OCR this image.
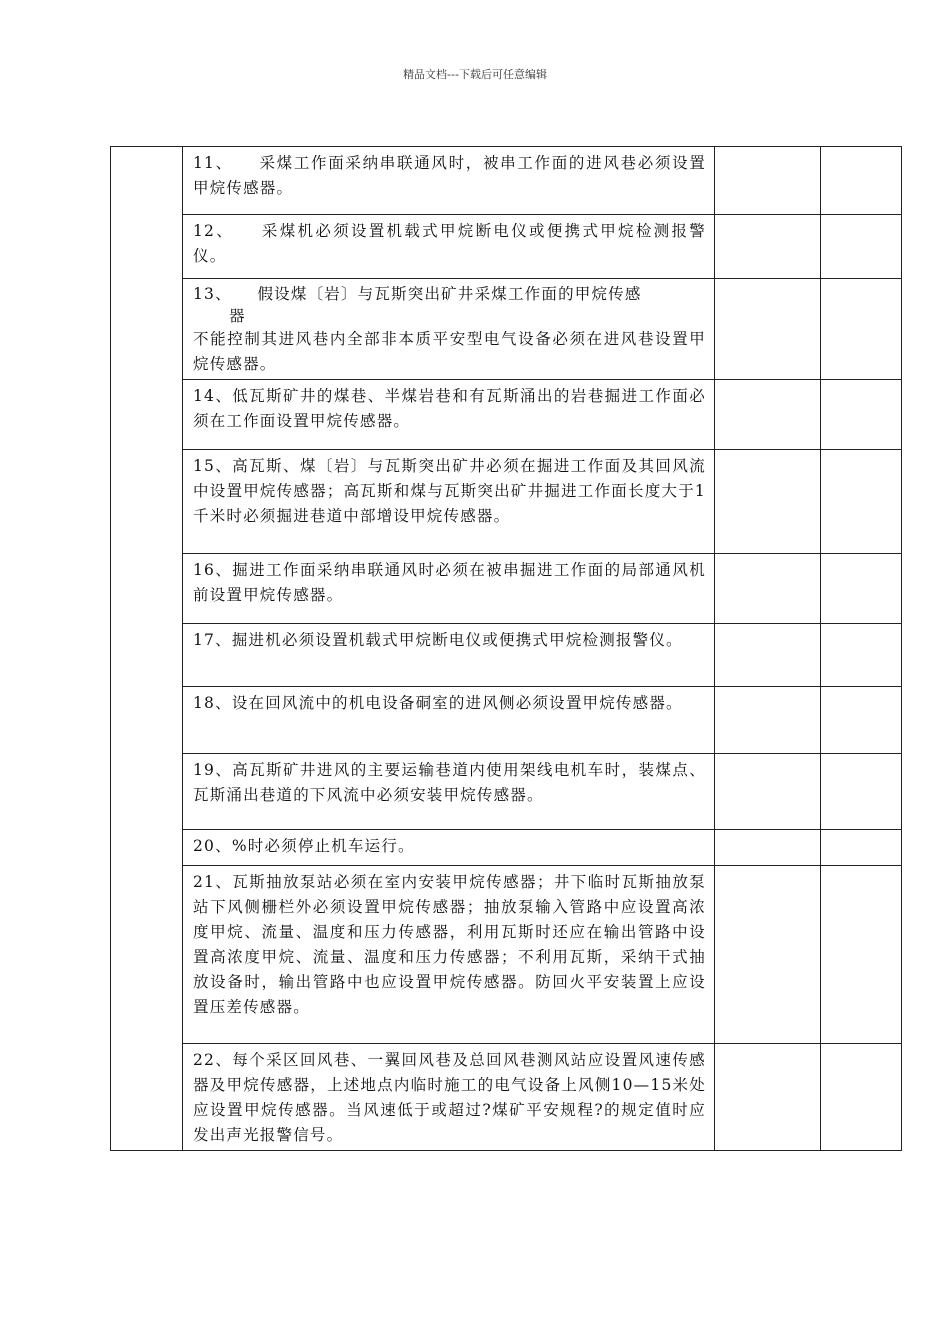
精品文档---下载后可任意编辑

	11、　　采煤工作面采纳串联通风时，被串工作面的进风巷必须设置甲烷传感器。		

	12、　　采煤机必须设置机载式甲烷断电仪或便携式甲烷检测报警仪。		

	13、　　假设煤〔岩〕与瓦斯突出矿井采煤工作面的甲烷传感
器
不能控制其进风巷内全部非本质平安型电气设备必须在进风巷设置甲烷传感器。		

	14、低瓦斯矿井的煤巷、半煤岩巷和有瓦斯涌出的岩巷掘进工作面必须在工作面设置甲烷传感器。		

	15、高瓦斯、煤〔岩〕与瓦斯突出矿井必须在掘进工作面及其回风流中设置甲烷传感器；高瓦斯和煤与瓦斯突出矿井掘进工作面长度大于1千米时必须掘进巷道中部增设甲烷传感器。		

	16、掘进工作面采纳串联通风时必须在被串掘进工作面的局部通风机前设置甲烷传感器。		

	17、掘进机必须设置机载式甲烷断电仪或便携式甲烷检测报警仪。		

	18、设在回风流中的机电设备硐室的进风侧必须设置甲烷传感器。		

	19、高瓦斯矿井进风的主要运输巷道内使用架线电机车时，装煤点、瓦斯涌出巷道的下风流中必须安装甲烷传感器。		

	20、%时必须停止机车运行。		

	21、瓦斯抽放泵站必须在室内安装甲烷传感器；井下临时瓦斯抽放泵站下风侧栅栏外必须设置甲烷传感器；抽放泵输入管路中应设置高浓度甲烷、流量、温度和压力传感器，利用瓦斯时还应在输出管路中设置高浓度甲烷、流量、温度和压力传感器；不利用瓦斯，采纳干式抽放设备时，输出管路中也应设置甲烷传感器。防回火平安装置上应设置压差传感器。		

	22、每个采区回风巷、一翼回风巷及总回风巷测风站应设置风速传感器及甲烷传感器，上述地点内临时施工的电气设备上风侧10—15米处应设置甲烷传感器。当风速低于或超过?煤矿平安规程?的规定值时应发出声光报警信号。		
